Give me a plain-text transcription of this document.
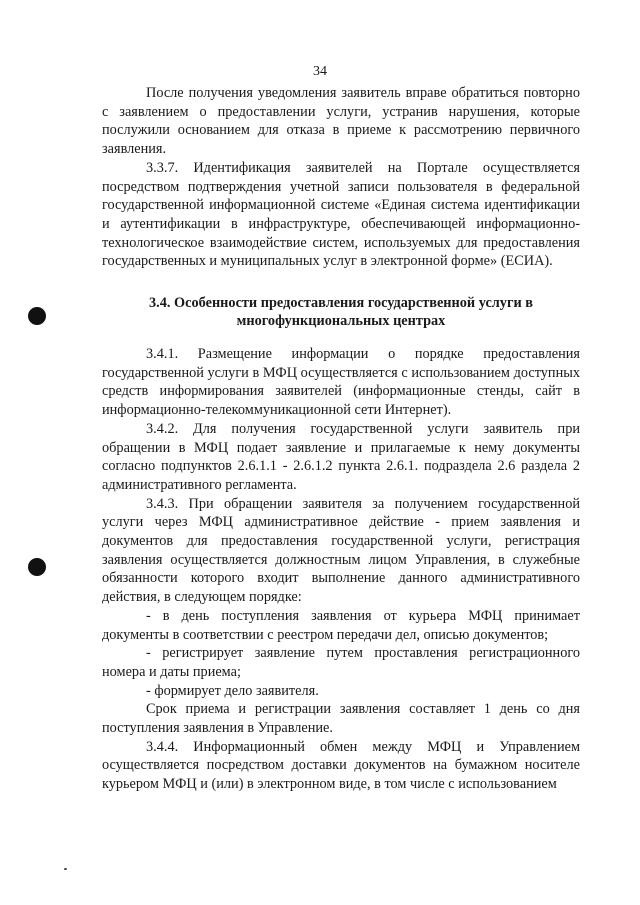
34

После получения уведомления заявитель вправе обратиться повторно с заявлением о предоставлении услуги, устранив нарушения, которые послужили основанием для отказа в приеме к рассмотрению первичного заявления.

3.3.7. Идентификация заявителей на Портале осуществляется посредством подтверждения учетной записи пользователя в федеральной государственной информационной системе «Единая система идентификации и аутентификации в инфраструктуре, обеспечивающей информационно-технологическое взаимодействие систем, используемых для предоставления государственных и муниципальных услуг в электронной форме» (ЕСИА).

3.4. Особенности предоставления государственной услуги в
многофункциональных центрах

3.4.1. Размещение информации о порядке предоставления государственной услуги в МФЦ осуществляется с использованием доступных средств информирования заявителей (информационные стенды, сайт в информационно-телекоммуникационной сети Интернет).

3.4.2. Для получения государственной услуги заявитель при обращении в МФЦ подает заявление и прилагаемые к нему документы согласно подпунктов 2.6.1.1 - 2.6.1.2 пункта 2.6.1. подраздела 2.6 раздела 2 административного регламента.

3.4.3. При обращении заявителя за получением государственной услуги через МФЦ административное действие - прием заявления и документов для предоставления государственной услуги, регистрация заявления осуществляется должностным лицом Управления, в служебные обязанности которого входит выполнение данного административного действия, в следующем порядке:

- в день поступления заявления от курьера МФЦ принимает документы в соответствии с реестром передачи дел, описью документов;

- регистрирует заявление путем проставления регистрационного номера и даты приема;

- формирует дело заявителя.

Срок приема и регистрации заявления составляет 1 день со дня поступления заявления в Управление.

3.4.4. Информационный обмен между МФЦ и Управлением осуществляется посредством доставки документов на бумажном носителе курьером МФЦ и (или) в электронном виде, в том числе с использованием
